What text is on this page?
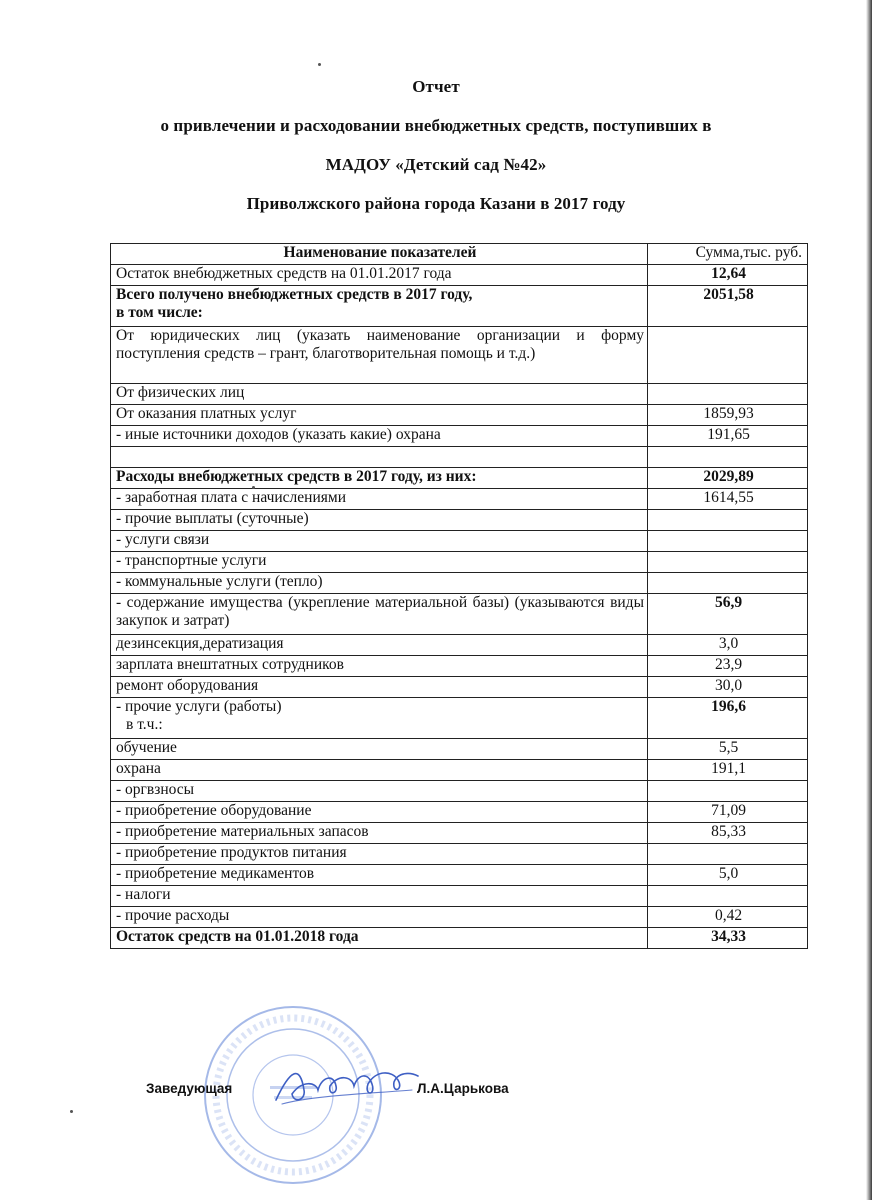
Отчет
о привлечении и расходовании внебюджетных средств, поступивших в
МАДОУ «Детский сад №42»
Приволжского района города Казани в 2017 году
Наименование показателей	Сумма,тыс. руб.
Остаток внебюджетных средств на 01.01.2017 года	12,64

Всего получено внебюджетных средств в 2017 году,
в том числе:	2051,58
От юридических лиц (указать наименование организации и форму поступления средств – грант, благотворительная помощь и т.д.)	
От физических лиц	
От оказания платных услуг	1859,93
- иные источники доходов (указать какие) охрана	191,65

Расходы внебюджетных средств в 2017 году, из них:	2029,89
- заработная плата с начислениями	1614,55
- прочие выплаты (суточные)	
- услуги связи	
- транспортные услуги	
- коммунальные услуги (тепло)	
- содержание имущества (укрепление материальной базы) (указываются виды закупок и затрат)	56,9
дезинсекция,дератизация	3,0
зарплата внештатных сотрудников	23,9
ремонт оборудования	30,0

- прочие услуги (работы)
в т.ч.:	196,6
обучение	5,5
охрана	191,1
- оргвзносы	
- приобретение оборудование	71,09
- приобретение материальных запасов	85,33
- приобретение продуктов питания	
- приобретение медикаментов	5,0
- налоги	
- прочие расходы	0,42
Остаток средств на 01.01.2018 года	34,33
Заведующая	Л.А.Царькова
